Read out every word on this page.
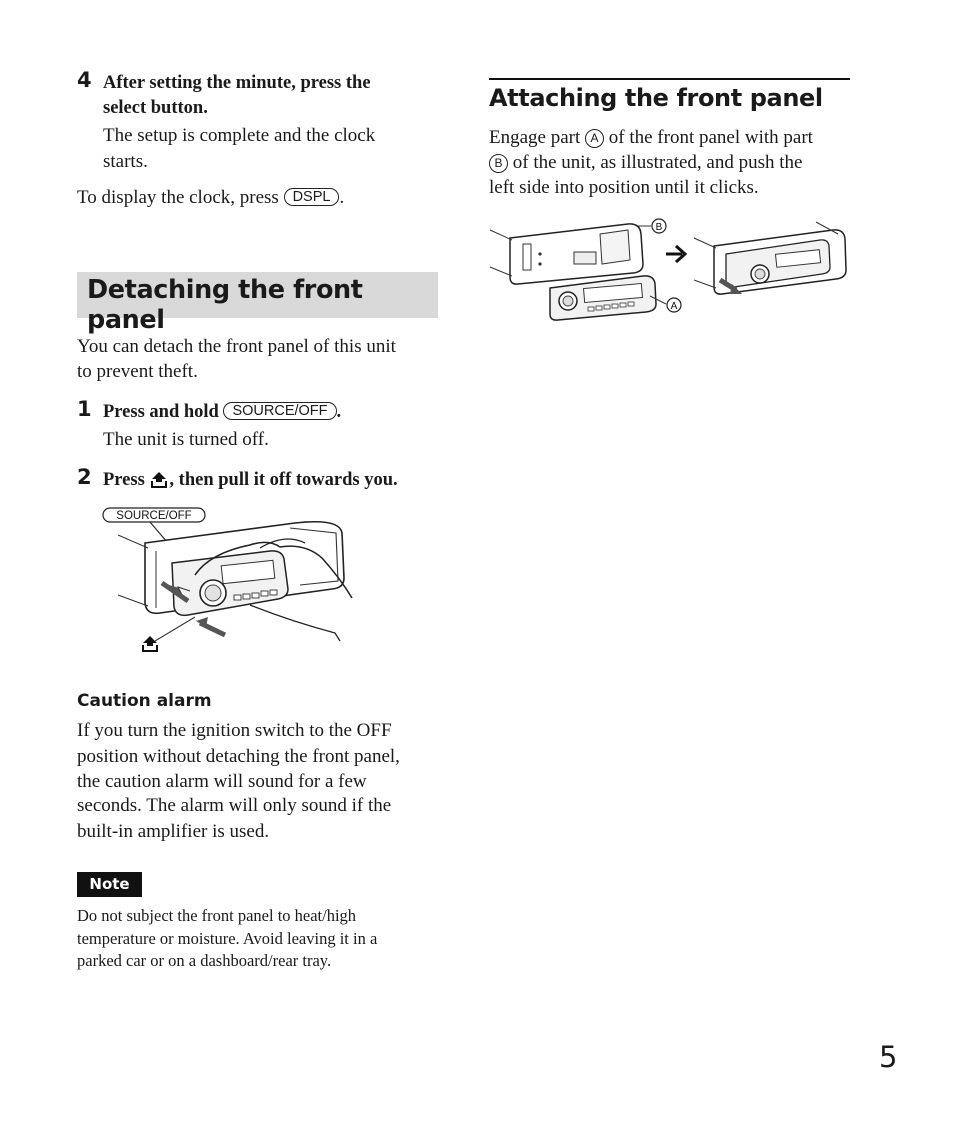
4 After setting the minute, press the
select button.
The setup is complete and the clock
starts.
To display the clock, press DSPL .
Detaching the front panel
You can detach the front panel of this unit
to prevent theft.
1 Press and hold SOURCE/OFF .
The unit is turned off.
2 Press , then pull it off towards you.
SOURCE/OFF
Caution alarm
If you turn the ignition switch to the OFF
position without detaching the front panel,
the caution alarm will sound for a few
seconds. The alarm will only sound if the
built-in amplifier is used.
Note
Do not subject the front panel to heat/high
temperature or moisture. Avoid leaving it in a
parked car or on a dashboard/rear tray.
Attaching the front panel
Engage part A of the front panel with part
B of the unit, as illustrated, and push the
left side into position until it clicks.
B
A
5
